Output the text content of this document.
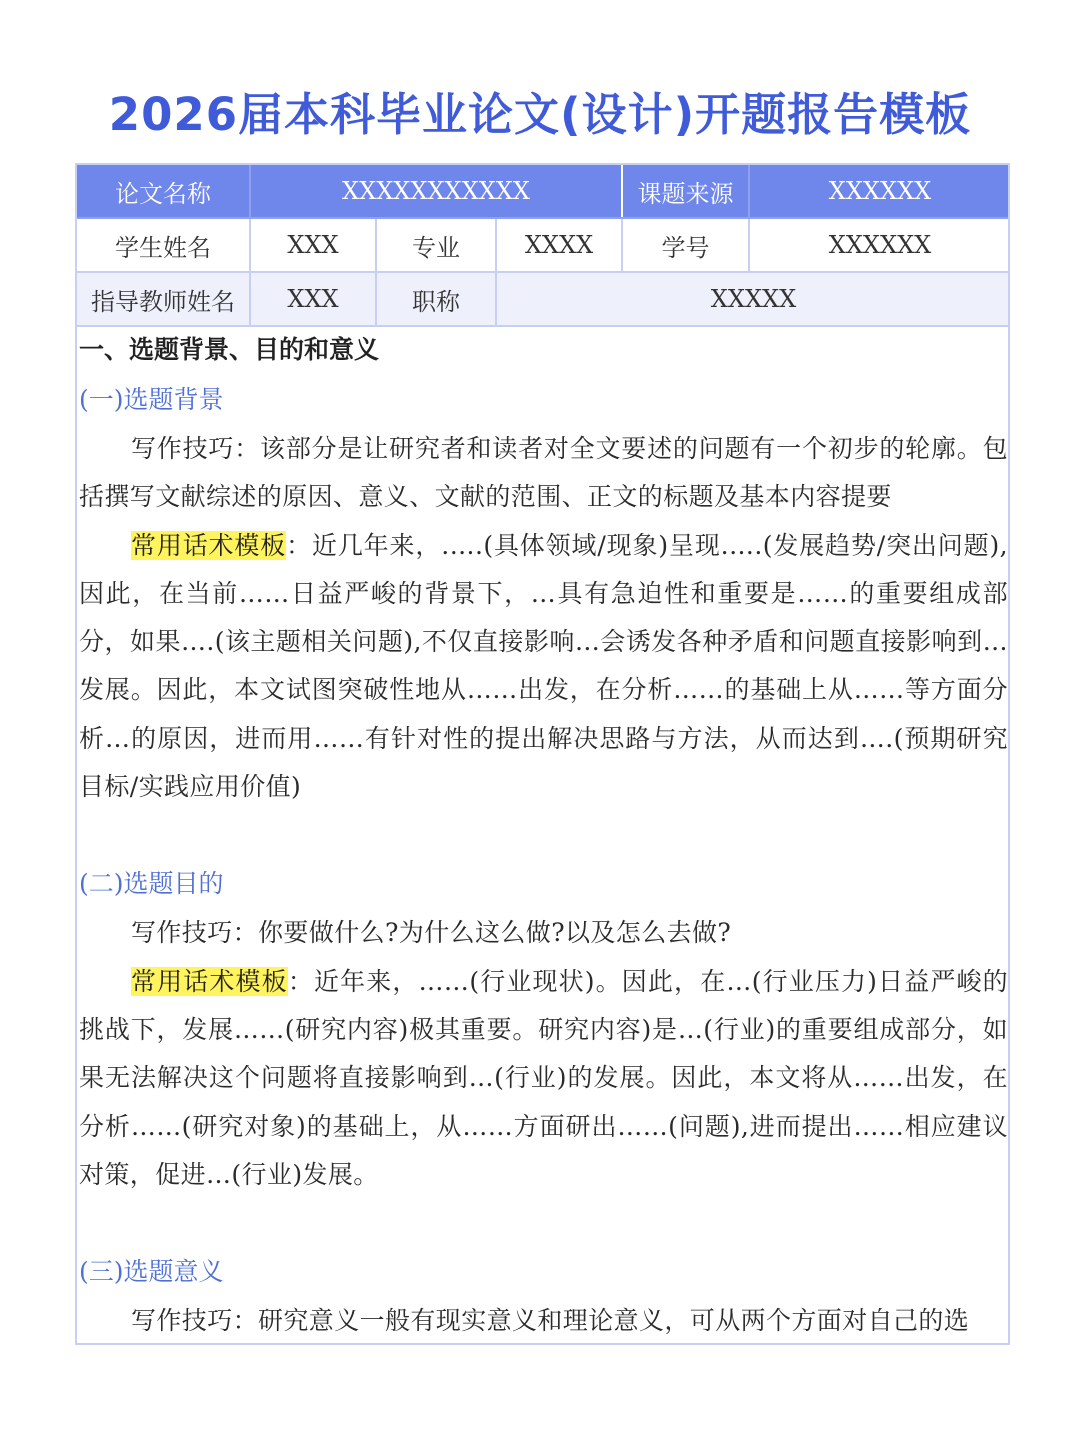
2026届本科毕业论文(设计)开题报告模板
论文名称	XXXXXXXXXXX			课题来源	XXXXXX
学生姓名	XXX	专业	XXXX	学号	XXXXXX
指导教师姓名	XXX	职称	XXXXX		

一、选题背景、目的和意义

(一)选题背景

写作技巧：该部分是让研究者和读者对全文要述的问题有一个初步的轮廓。包括撰写文献综述的原因、意义、文献的范围、正文的标题及基本内容提要

常用话术模板：近几年来，.….(具体领域/现象)呈现.….(发展趋势/突出问题),因此，在当前……日益严峻的背景下，…具有急迫性和重要是……的重要组成部分，如果….(该主题相关问题),不仅直接影响…会诱发各种矛盾和问题直接影响到…发展。因此，本文试图突破性地从……出发，在分析……的基础上从……等方面分析…的原因，进而用……有针对性的提出解决思路与方法，从而达到….(预期研究目标/实践应用价值)

(二)选题目的

写作技巧：你要做什么?为什么这么做?以及怎么去做?

常用话术模板：近年来，……(行业现状)。因此，在…(行业压力)日益严峻的挑战下，发展……(研究内容)极其重要。研究内容)是…(行业)的重要组成部分，如果无法解决这个问题将直接影响到…(行业)的发展。因此，本文将从……出发，在分析……(研究对象)的基础上，从……方面研出……(问题),进而提出……相应建议对策，促进…(行业)发展。

(三)选题意义

写作技巧：研究意义一般有现实意义和理论意义，可从两个方面对自己的选
